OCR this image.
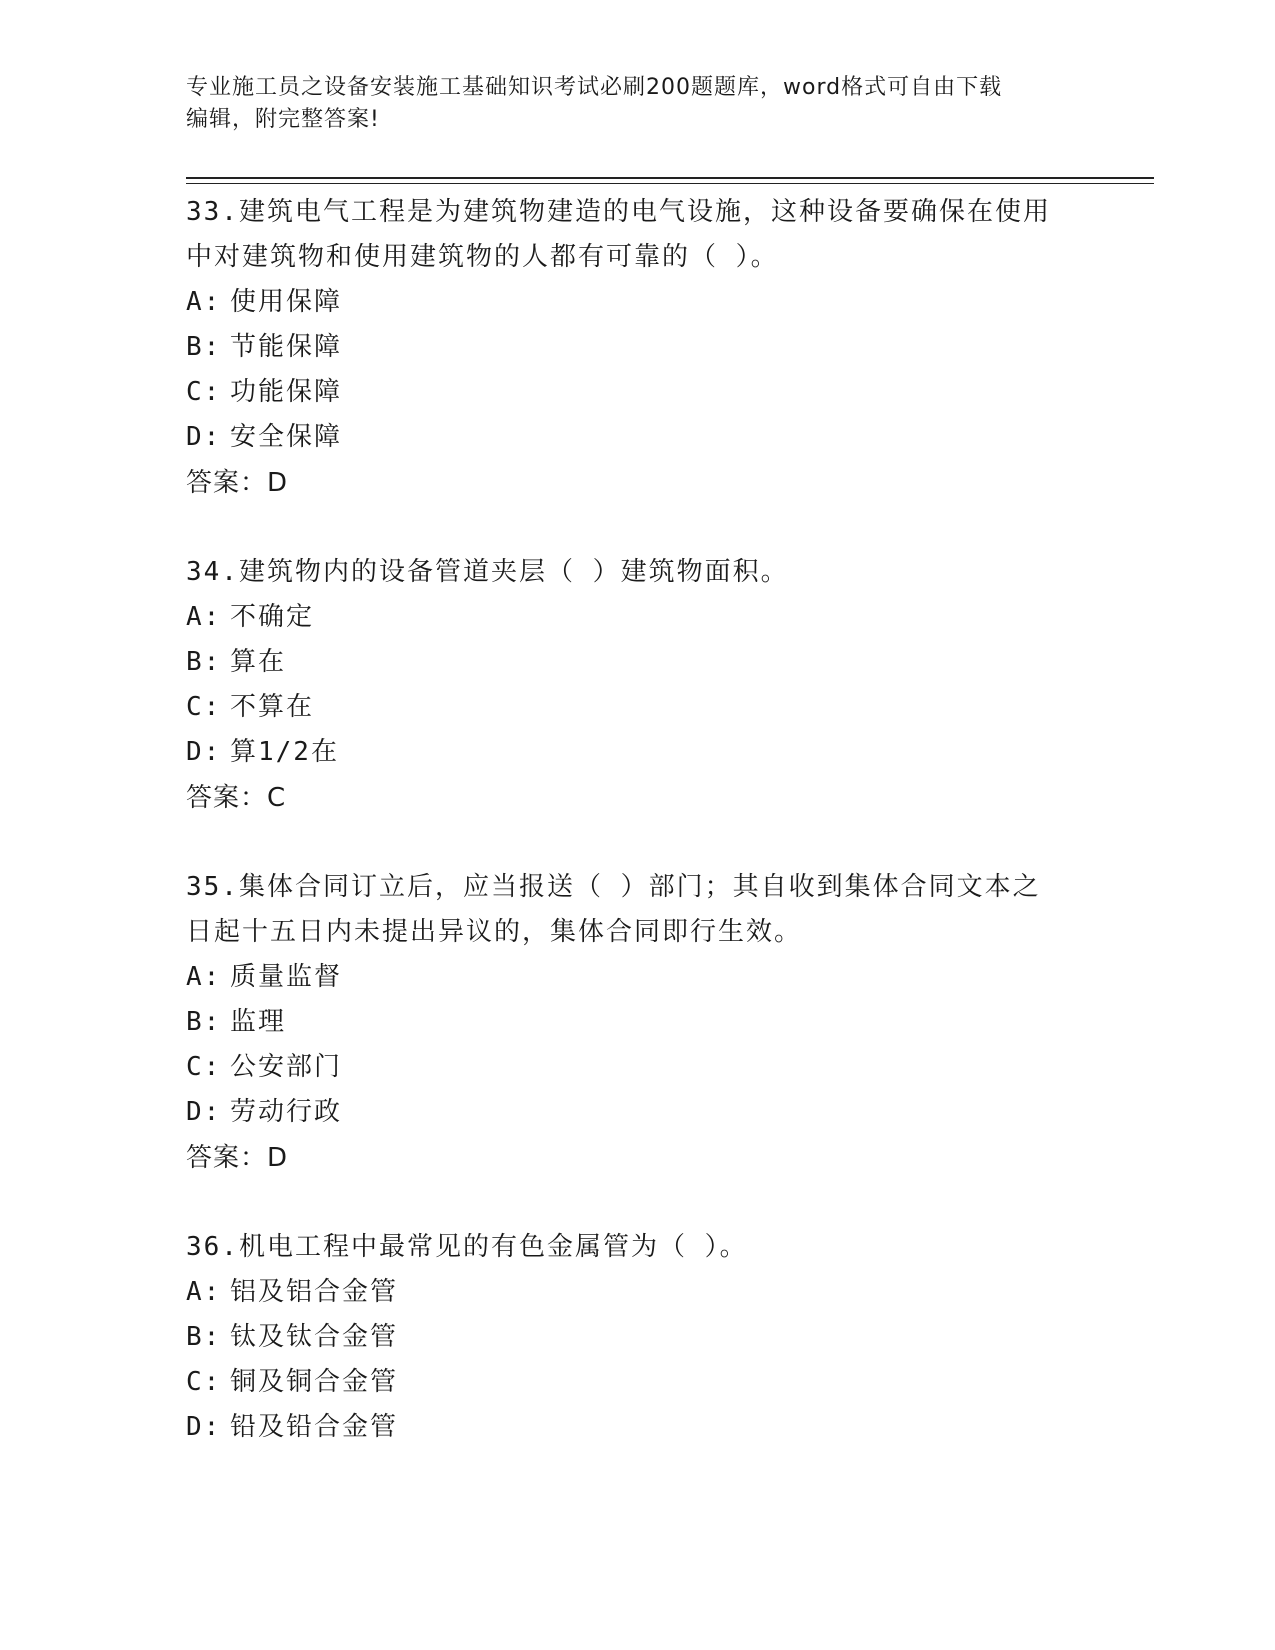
专业施工员之设备安装施工基础知识考试必刷200题题库，word格式可自由下载
编辑，附完整答案!
33.建筑电气工程是为建筑物建造的电气设施，这种设备要确保在使用
中对建筑物和使用建筑物的人都有可靠的（ ）。
A: 使用保障
B: 节能保障
C: 功能保障
D: 安全保障
答案：D
34.建筑物内的设备管道夹层（ ）建筑物面积。
A: 不确定
B: 算在
C: 不算在
D: 算1/2在
答案：C
35.集体合同订立后，应当报送（ ）部门；其自收到集体合同文本之
日起十五日内未提出异议的，集体合同即行生效。
A: 质量监督
B: 监理
C: 公安部门
D: 劳动行政
答案：D
36.机电工程中最常见的有色金属管为（ ）。
A: 铝及铝合金管
B: 钛及钛合金管
C: 铜及铜合金管
D: 铅及铅合金管
